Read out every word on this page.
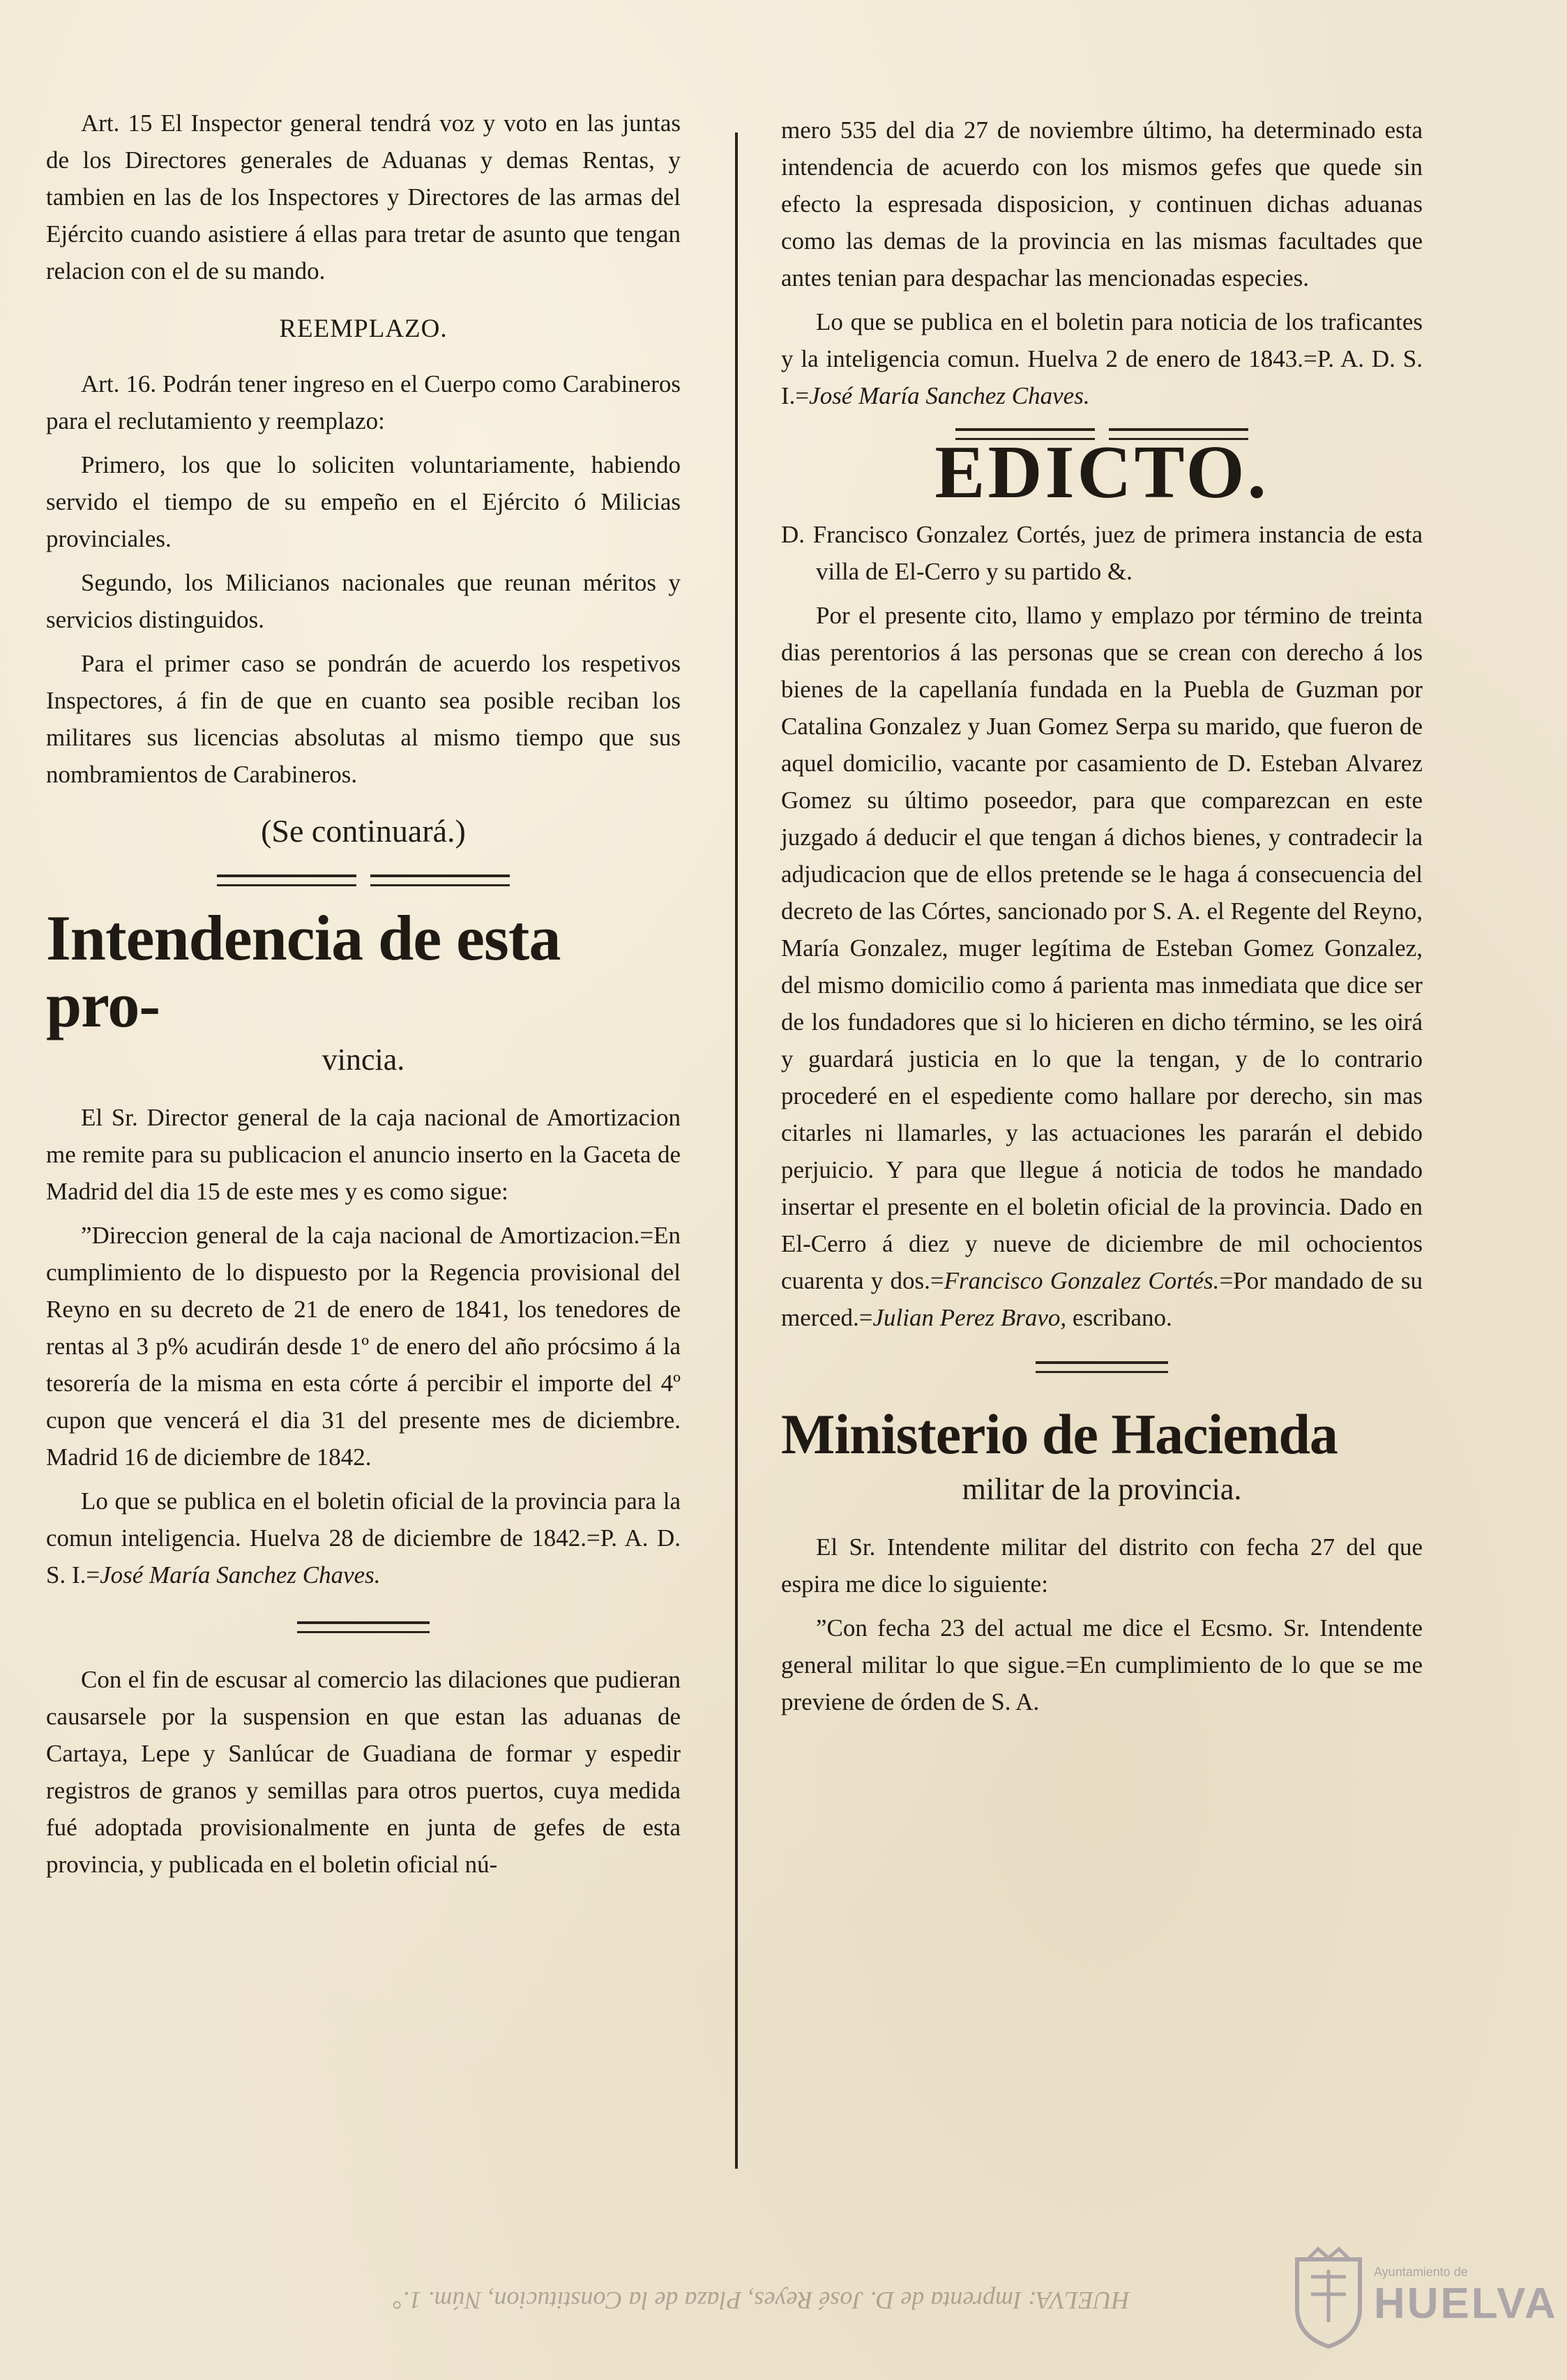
Art. 15 El Inspector general tendrá voz y voto en las juntas de los Directores generales de Aduanas y demas Rentas, y tambien en las de los Inspectores y Directores de las armas del Ejército cuando asistiere á ellas para tretar de asunto que tengan relacion con el de su mando.

REEMPLAZO.

Art. 16. Podrán tener ingreso en el Cuerpo como Carabineros para el reclutamiento y reemplazo:

Primero, los que lo soliciten voluntariamente, habiendo servido el tiempo de su empeño en el Ejército ó Milicias provinciales.

Segundo, los Milicianos nacionales que reunan méritos y servicios distinguidos.

Para el primer caso se pondrán de acuerdo los respetivos Inspectores, á fin de que en cuanto sea posible reciban los militares sus licencias absolutas al mismo tiempo que sus nombramientos de Carabineros.

(Se continuará.)
Intendencia de esta pro-
vincia.

El Sr. Director general de la caja nacional de Amortizacion me remite para su publicacion el anuncio inserto en la Gaceta de Madrid del dia 15 de este mes y es como sigue:

”Direccion general de la caja nacional de Amortizacion.=En cumplimiento de lo dispuesto por la Regencia provisional del Reyno en su decreto de 21 de enero de 1841, los tenedores de rentas al 3 p% acudirán desde 1º de enero del año prócsimo á la tesorería de la misma en esta córte á percibir el importe del 4º cupon que vencerá el dia 31 del presente mes de diciembre. Madrid 16 de diciembre de 1842.

Lo que se publica en el boletin oficial de la provincia para la comun inteligencia. Huelva 28 de diciembre de 1842.=P. A. D. S. I.=José María Sanchez Chaves.

Con el fin de escusar al comercio las dilaciones que pudieran causarsele por la suspension en que estan las aduanas de Cartaya, Lepe y Sanlúcar de Guadiana de formar y espedir registros de granos y semillas para otros puertos, cuya medida fué adoptada provisionalmente en junta de gefes de esta provincia, y publicada en el boletin oficial nú-

mero 535 del dia 27 de noviembre último, ha determinado esta intendencia de acuerdo con los mismos gefes que quede sin efecto la espresada disposicion, y continuen dichas aduanas como las demas de la provincia en las mismas facultades que antes tenian para despachar las mencionadas especies.

Lo que se publica en el boletin para noticia de los traficantes y la inteligencia comun. Huelva 2 de enero de 1843.=P. A. D. S. I.=José María Sanchez Chaves.

EDICTO.

D. Francisco Gonzalez Cortés, juez de primera instancia de esta villa de El-Cerro y su partido &.

Por el presente cito, llamo y emplazo por término de treinta dias perentorios á las personas que se crean con derecho á los bienes de la capellanía fundada en la Puebla de Guzman por Catalina Gonzalez y Juan Gomez Serpa su marido, que fueron de aquel domicilio, vacante por casamiento de D. Esteban Alvarez Gomez su último poseedor, para que comparezcan en este juzgado á deducir el que tengan á dichos bienes, y contradecir la adjudicacion que de ellos pretende se le haga á consecuencia del decreto de las Córtes, sancionado por S. A. el Regente del Reyno, María Gonzalez, muger legítima de Esteban Gomez Gonzalez, del mismo domicilio como á parienta mas inmediata que dice ser de los fundadores que si lo hicieren en dicho término, se les oirá y guardará justicia en lo que la tengan, y de lo contrario procederé en el espediente como hallare por derecho, sin mas citarles ni llamarles, y las actuaciones les pararán el debido perjuicio. Y para que llegue á noticia de todos he mandado insertar el presente en el boletin oficial de la provincia. Dado en El-Cerro á diez y nueve de diciembre de mil ochocientos cuarenta y dos.=Francisco Gonzalez Cortés.=Por mandado de su merced.=Julian Perez Bravo, escribano.

Ministerio de Hacienda
militar de la provincia.

El Sr. Intendente militar del distrito con fecha 27 del que espira me dice lo siguiente:

”Con fecha 23 del actual me dice el Ecsmo. Sr. Intendente general militar lo que sigue.=En cumplimiento de lo que se me previene de órden de S. A.

HUELVA: Imprenta de D. José Reyes, Plaza de la Constitucion, Núm. 1.°
Ayuntamiento de
HUELVA
